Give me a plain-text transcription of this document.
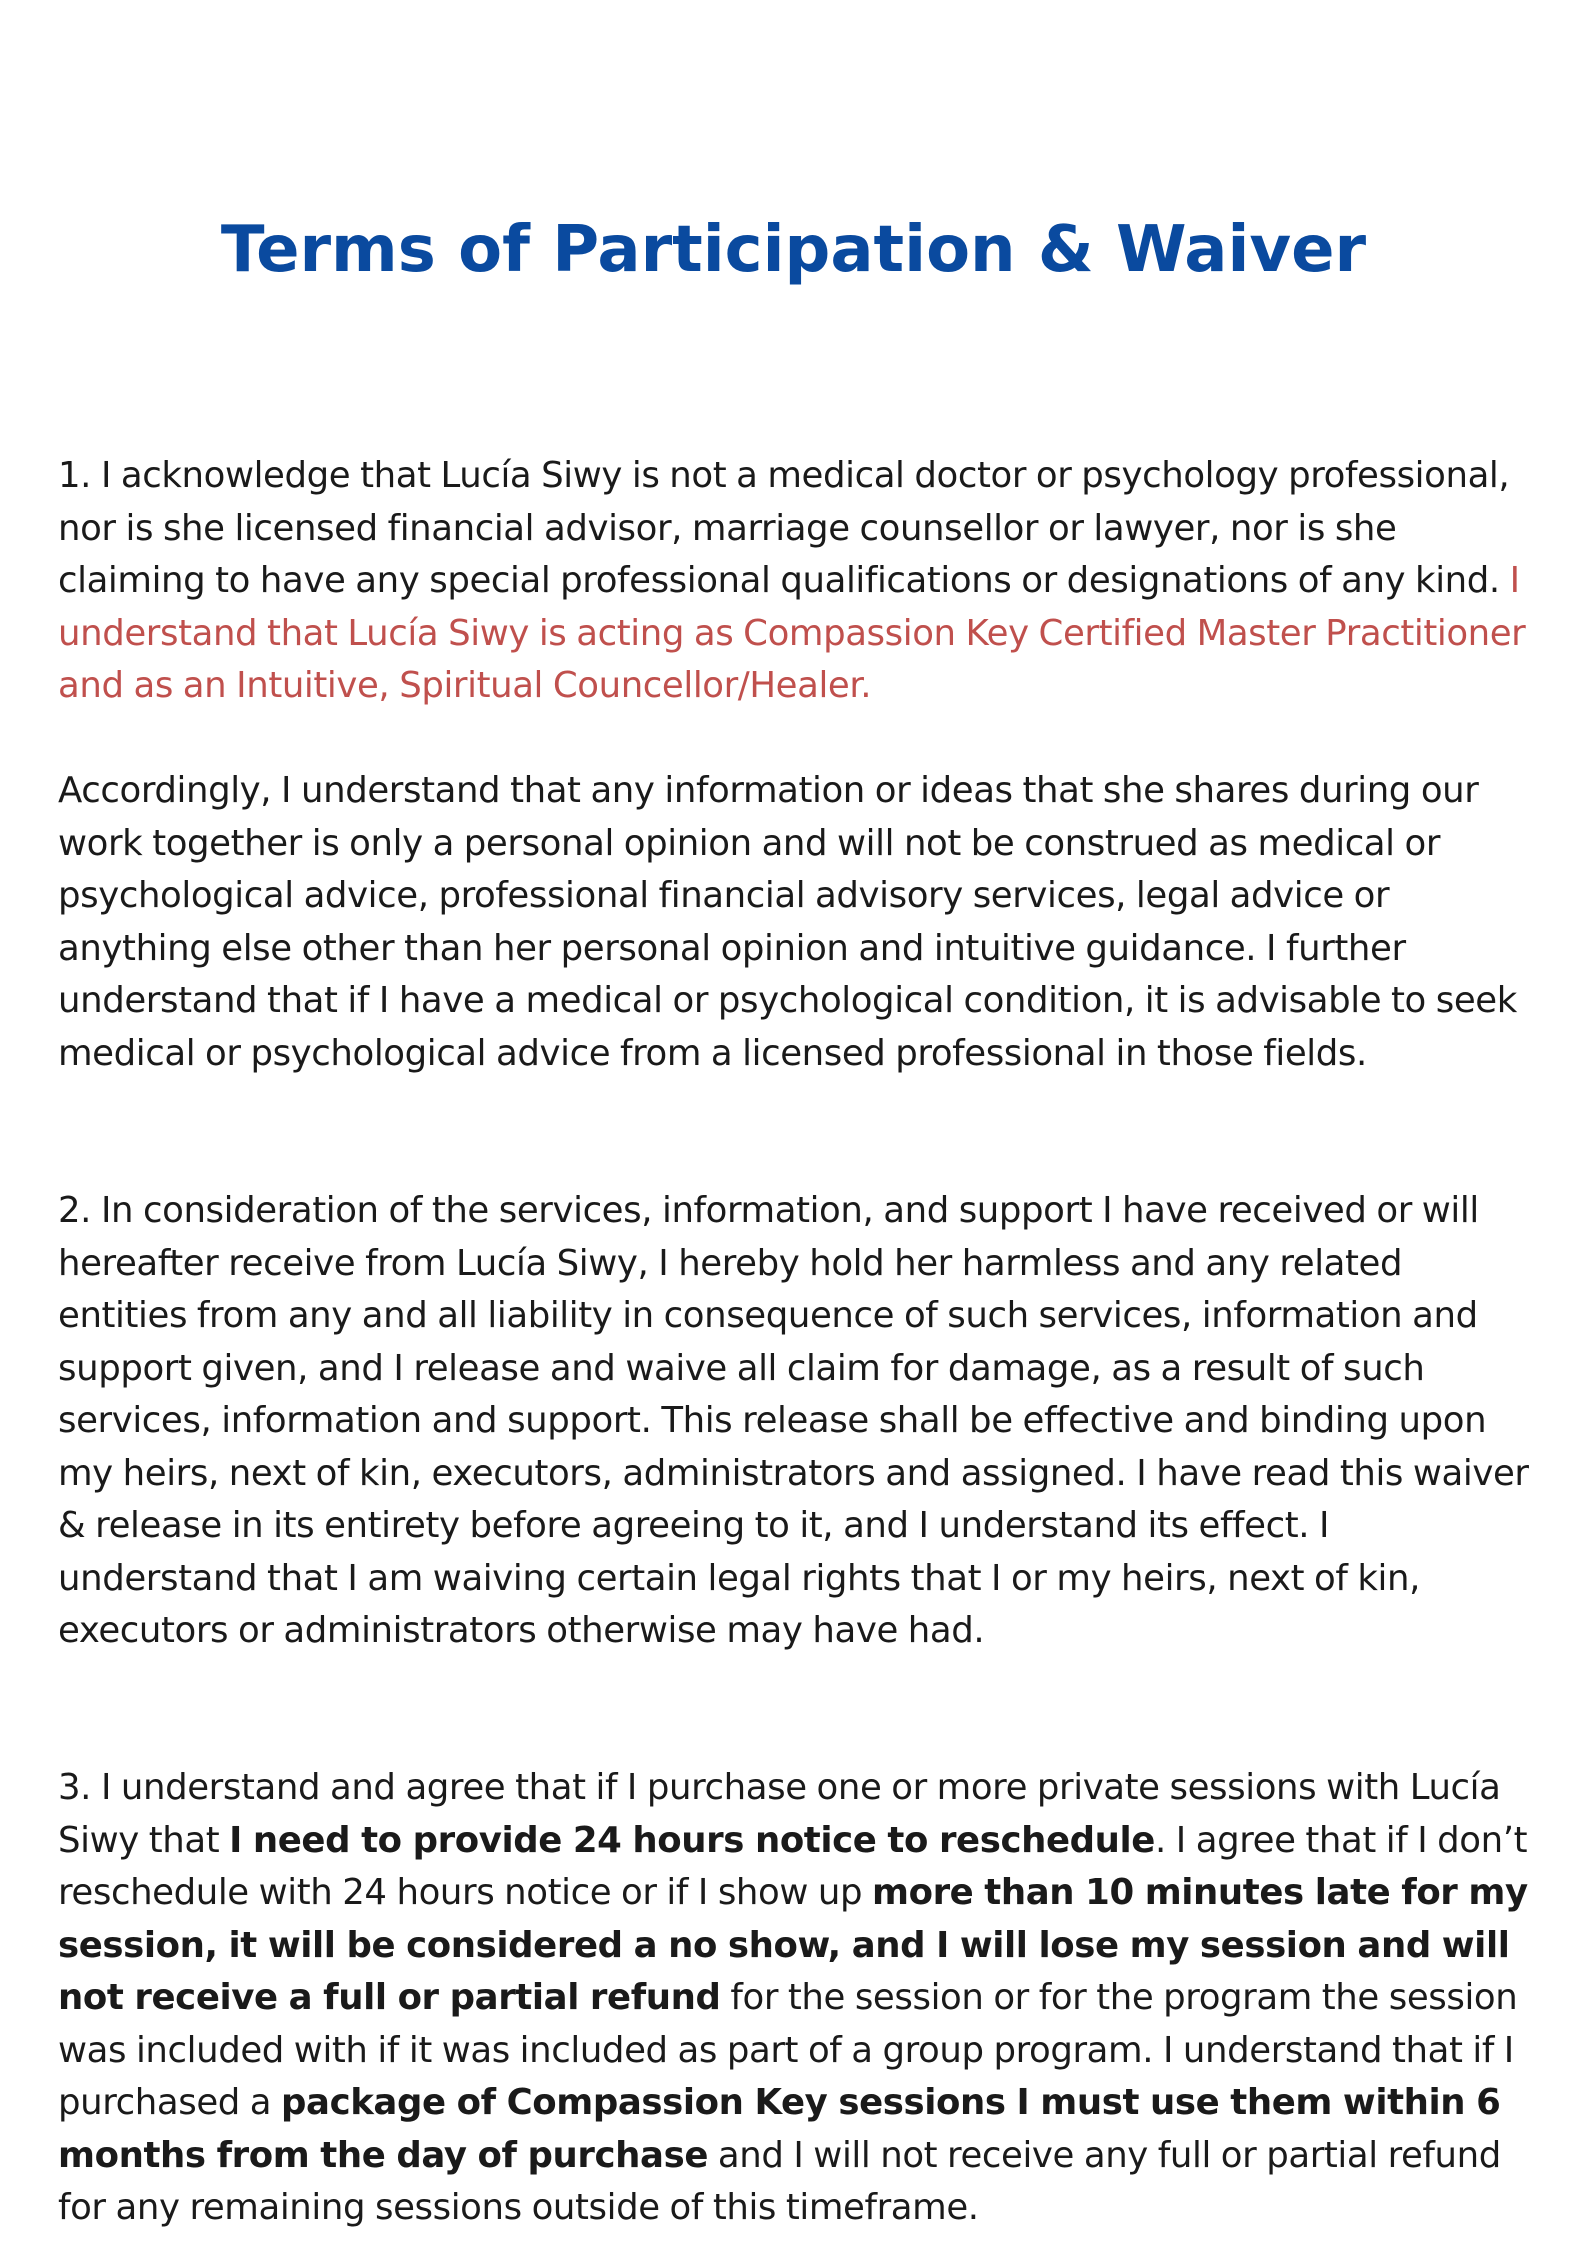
Terms of Participation & Waiver

1. I acknowledge that Lucía Siwy is not a medical doctor or psychology professional, nor is she licensed financial advisor, marriage counsellor or lawyer, nor is she claiming to have any special professional qualifications or designations of any kind. I understand that Lucía Siwy is acting as Compassion Key Certified Master Practitioner and as an Intuitive, Spiritual Councellor/Healer.

Accordingly, I understand that any information or ideas that she shares during our work together is only a personal opinion and will not be construed as medical or psychological advice, professional financial advisory services, legal advice or anything else other than her personal opinion and intuitive guidance. I further understand that if I have a medical or psychological condition, it is advisable to seek medical or psychological advice from a licensed professional in those fields.

2. In consideration of the services, information, and support I have received or will hereafter receive from Lucía Siwy, I hereby hold her harmless and any related entities from any and all liability in consequence of such services, information and support given, and I release and waive all claim for damage, as a result of such services, information and support. This release shall be effective and binding upon my heirs, next of kin, executors, administrators and assigned. I have read this waiver & release in its entirety before agreeing to it, and I understand its effect. I understand that I am waiving certain legal rights that I or my heirs, next of kin, executors or administrators otherwise may have had.

3. I understand and agree that if I purchase one or more private sessions with Lucía Siwy that I need to provide 24 hours notice to reschedule. I agree that if I don’t reschedule with 24 hours notice or if I show up more than 10 minutes late for my session, it will be considered a no show, and I will lose my session and will not receive a full or partial refund for the session or for the program the session was included with if it was included as part of a group program. I understand that if I purchased a package of Compassion Key sessions I must use them within 6 months from the day of purchase and I will not receive any full or partial refund for any remaining sessions outside of this timeframe.
